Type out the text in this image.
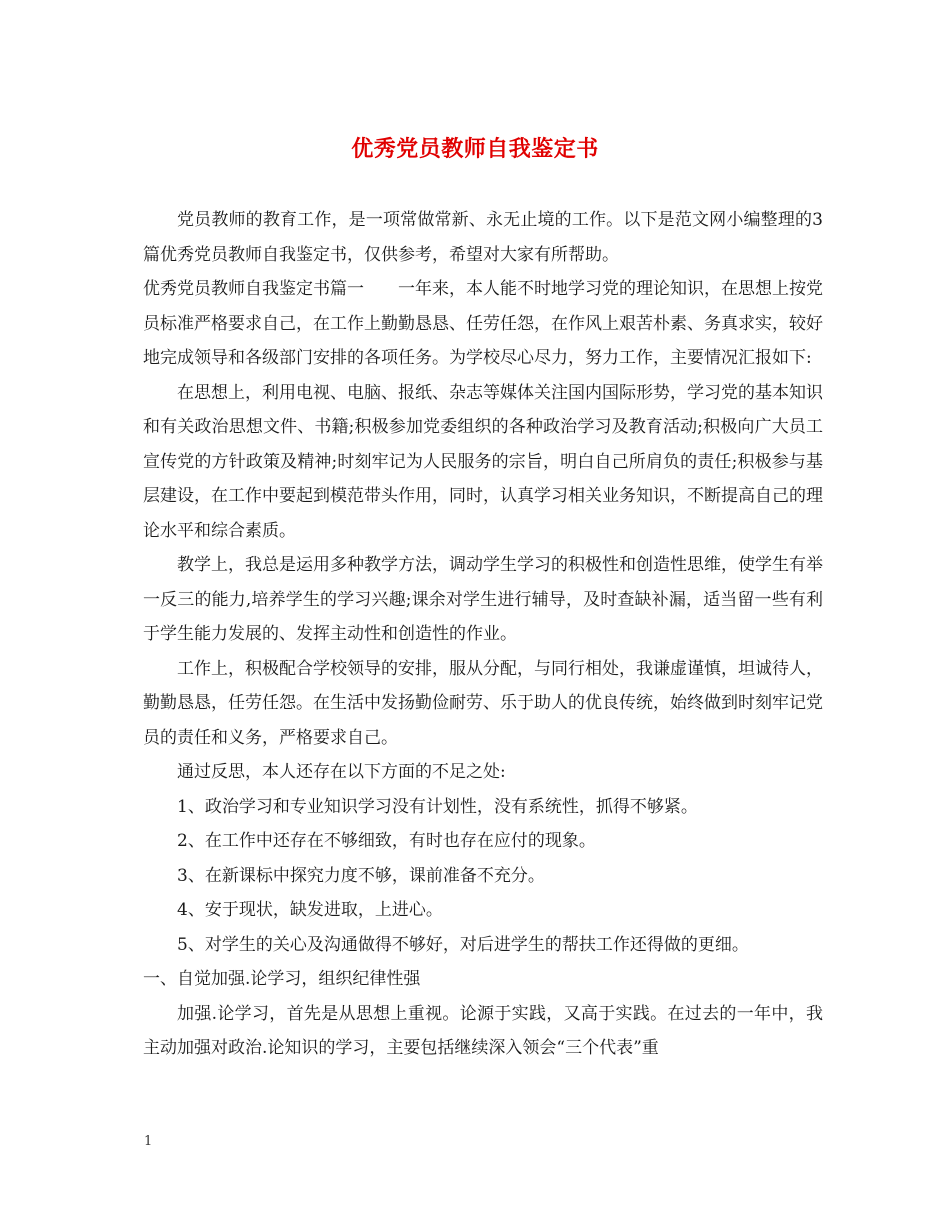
优秀党员教师自我鉴定书

党员教师的教育工作，是一项常做常新、永无止境的工作。以下是范文网小编整理的3篇优秀党员教师自我鉴定书，仅供参考，希望对大家有所帮助。

优秀党员教师自我鉴定书篇一　　一年来，本人能不时地学习党的理论知识，在思想上按党员标准严格要求自己，在工作上勤勤恳恳、任劳任怨，在作风上艰苦朴素、务真求实，较好地完成领导和各级部门安排的各项任务。为学校尽心尽力，努力工作，主要情况汇报如下:

在思想上，利用电视、电脑、报纸、杂志等媒体关注国内国际形势，学习党的基本知识和有关政治思想文件、书籍;积极参加党委组织的各种政治学习及教育活动;积极向广大员工宣传党的方针政策及精神;时刻牢记为人民服务的宗旨，明白自己所肩负的责任;积极参与基层建设，在工作中要起到模范带头作用，同时，认真学习相关业务知识，不断提高自己的理论水平和综合素质。

教学上，我总是运用多种教学方法，调动学生学习的积极性和创造性思维，使学生有举一反三的能力,培养学生的学习兴趣;课余对学生进行辅导，及时查缺补漏，适当留一些有利于学生能力发展的、发挥主动性和创造性的作业。

工作上，积极配合学校领导的安排，服从分配，与同行相处，我谦虚谨慎，坦诚待人，勤勤恳恳，任劳任怨。在生活中发扬勤俭耐劳、乐于助人的优良传统，始终做到时刻牢记党员的责任和义务，严格要求自己。

通过反思，本人还存在以下方面的不足之处:

1、政治学习和专业知识学习没有计划性，没有系统性，抓得不够紧。

2、在工作中还存在不够细致，有时也存在应付的现象。

3、在新课标中探究力度不够，课前准备不充分。

4、安于现状，缺发进取，上进心。

5、对学生的关心及沟通做得不够好，对后进学生的帮扶工作还得做的更细。

一、自觉加强.论学习，组织纪律性强

加强.论学习，首先是从思想上重视。论源于实践，又高于实践。在过去的一年中，我主动加强对政治.论知识的学习，主要包括继续深入领会“三个代表”重

1
